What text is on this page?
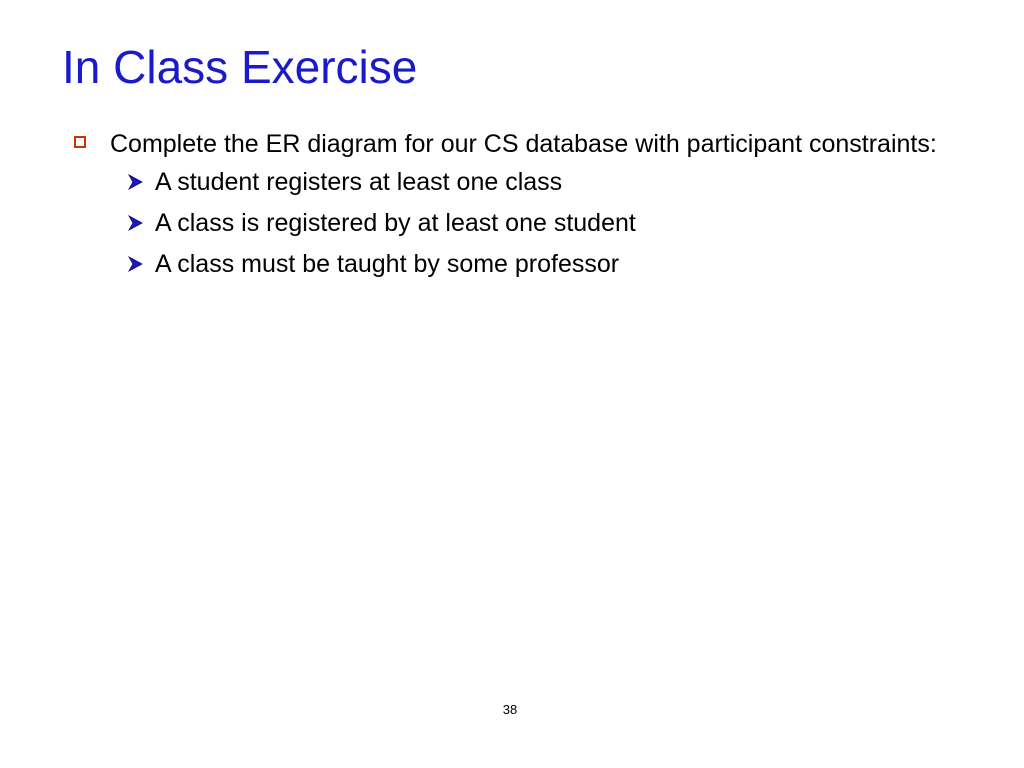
In Class Exercise
Complete the ER diagram for our CS database with participant constraints:
A student registers at least one class
A class is registered by at least one student
A class must be taught by some professor
38
